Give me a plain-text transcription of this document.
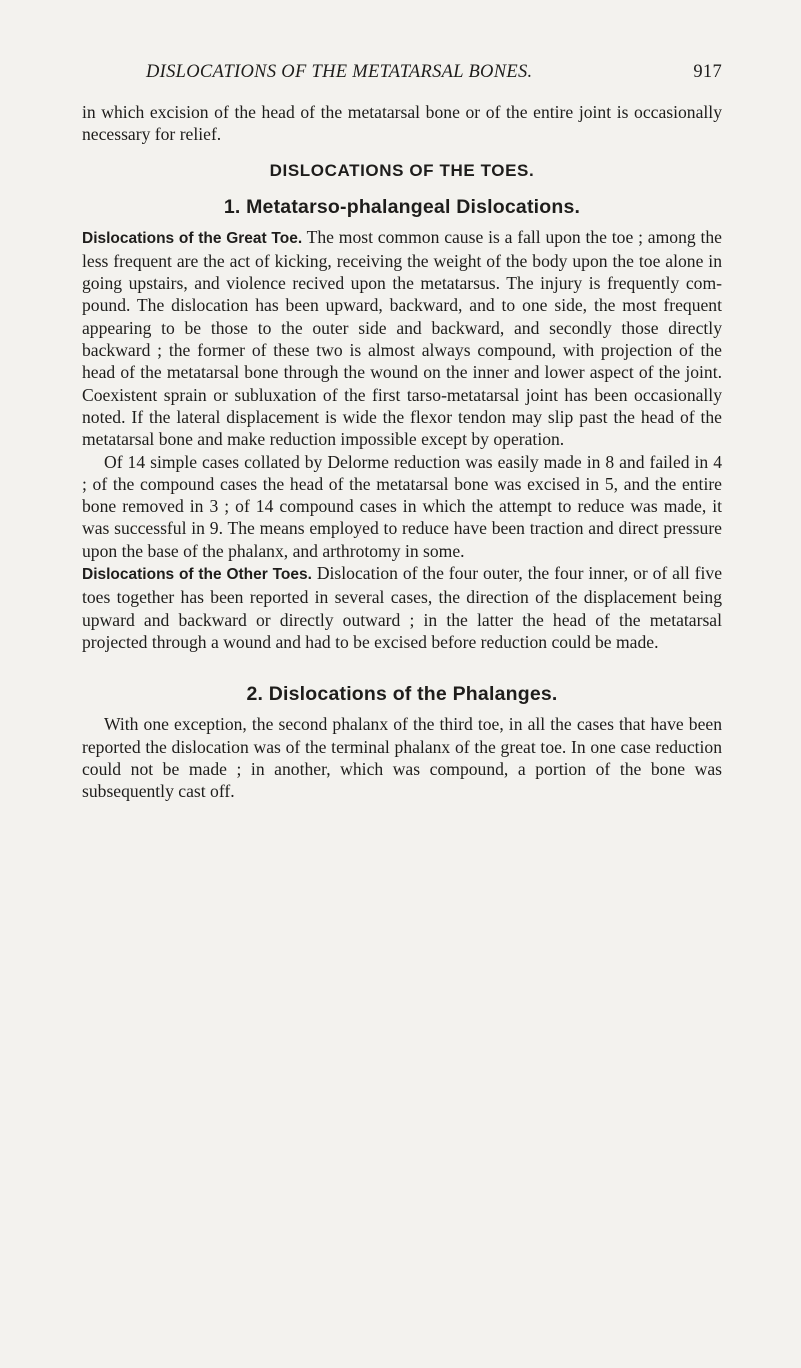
DISLOCATIONS OF THE METATARSAL BONES.	917

in which excision of the head of the metatarsal bone or of the entire joint is occasionally necessary for relief.

DISLOCATIONS OF THE TOES.
1. Metatarso-phalangeal Dislocations.

Dislocations of the Great Toe. The most common cause is a fall upon the toe ; among the less frequent are the act of kicking, receiving the weight of the body upon the toe alone in going upstairs, and violence recived upon the metatarsus. The injury is frequently compound. The dislocation has been upward, backward, and to one side, the most frequent appearing to be those to the outer side and backward, and secondly those directly backward ; the former of these two is almost always compound, with projection of the head of the metatarsal bone through the wound on the inner and lower aspect of the joint. Coexistent sprain or subluxation of the first tarso-metatarsal joint has been occasionally noted. If the lateral displacement is wide the flexor tendon may slip past the head of the metatarsal bone and make reduction impossible except by operation.

Of 14 simple cases collated by Delorme reduction was easily made in 8 and failed in 4 ; of the compound cases the head of the metatarsal bone was excised in 5, and the entire bone removed in 3 ; of 14 compound cases in which the attempt to reduce was made, it was successful in 9. The means employed to reduce have been traction and direct pressure upon the base of the phalanx, and arthrotomy in some.

Dislocations of the Other Toes. Dislocation of the four outer, the four inner, or of all five toes together has been reported in several cases, the direction of the displacement being upward and backward or directly outward ; in the latter the head of the metatarsal projected through a wound and had to be excised before reduction could be made.

2. Dislocations of the Phalanges.

With one exception, the second phalanx of the third toe, in all the cases that have been reported the dislocation was of the terminal phalanx of the great toe. In one case reduction could not be made ; in another, which was compound, a portion of the bone was subsequently cast off.
